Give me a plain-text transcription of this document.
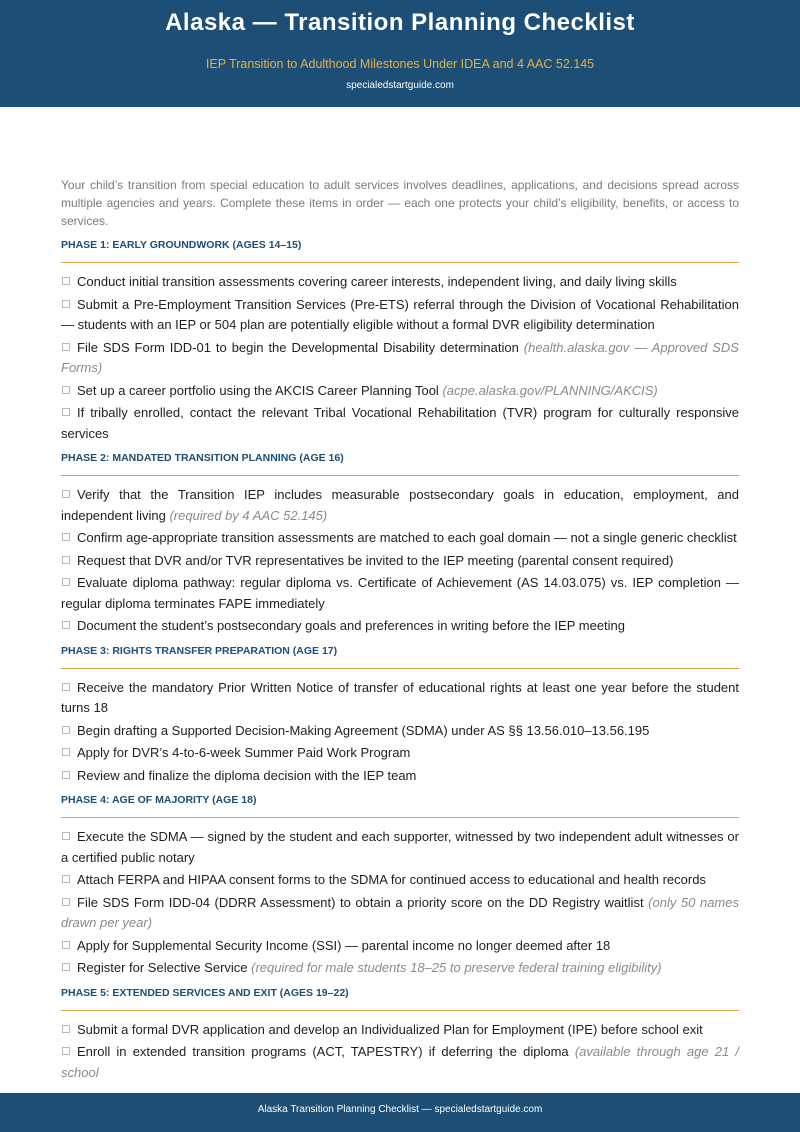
Alaska — Transition Planning Checklist
IEP Transition to Adulthood Milestones Under IDEA and 4 AAC 52.145
specialedstartguide.com

Your child’s transition from special education to adult services involves deadlines, applications, and decisions spread across multiple agencies and years. Complete these items in order — each one protects your child’s eligibility, benefits, or access to services.

PHASE 1: EARLY GROUNDWORK (AGES 14–15)
Conduct initial transition assessments covering career interests, independent living, and daily living skills
Submit a Pre-Employment Transition Services (Pre-ETS) referral through the Division of Vocational Rehabilitation — students with an IEP or 504 plan are potentially eligible without a formal DVR eligibility determination
File SDS Form IDD-01 to begin the Developmental Disability determination (health.alaska.gov — Approved SDS Forms)
Set up a career portfolio using the AKCIS Career Planning Tool (acpe.alaska.gov/PLANNING/AKCIS)
If tribally enrolled, contact the relevant Tribal Vocational Rehabilitation (TVR) program for culturally responsive services
PHASE 2: MANDATED TRANSITION PLANNING (AGE 16)
Verify that the Transition IEP includes measurable postsecondary goals in education, employment, and independent living (required by 4 AAC 52.145)
Confirm age-appropriate transition assessments are matched to each goal domain — not a single generic checklist
Request that DVR and/or TVR representatives be invited to the IEP meeting (parental consent required)
Evaluate diploma pathway: regular diploma vs. Certificate of Achievement (AS 14.03.075) vs. IEP completion — regular diploma terminates FAPE immediately
Document the student’s postsecondary goals and preferences in writing before the IEP meeting
PHASE 3: RIGHTS TRANSFER PREPARATION (AGE 17)
Receive the mandatory Prior Written Notice of transfer of educational rights at least one year before the student turns 18
Begin drafting a Supported Decision-Making Agreement (SDMA) under AS §§ 13.56.010–13.56.195
Apply for DVR’s 4-to-6-week Summer Paid Work Program
Review and finalize the diploma decision with the IEP team
PHASE 4: AGE OF MAJORITY (AGE 18)
Execute the SDMA — signed by the student and each supporter, witnessed by two independent adult witnesses or a certified public notary
Attach FERPA and HIPAA consent forms to the SDMA for continued access to educational and health records
File SDS Form IDD-04 (DDRR Assessment) to obtain a priority score on the DD Registry waitlist (only 50 names drawn per year)
Apply for Supplemental Security Income (SSI) — parental income no longer deemed after 18
Register for Selective Service (required for male students 18–25 to preserve federal training eligibility)
PHASE 5: EXTENDED SERVICES AND EXIT (AGES 19–22)
Submit a formal DVR application and develop an Individualized Plan for Employment (IPE) before school exit
Enroll in extended transition programs (ACT, TAPESTRY) if deferring the diploma (available through age 21 / school
Alaska Transition Planning Checklist — specialedstartguide.com
